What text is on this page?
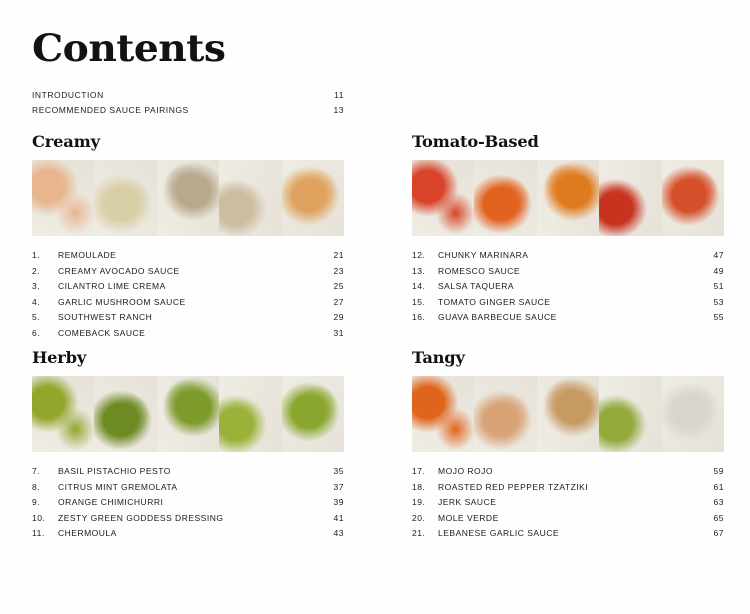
Contents
INTRODUCTION	11
RECOMMENDED SAUCE PAIRINGS	13
Creamy
1.	REMOULADE	21
2.	CREAMY AVOCADO SAUCE	23
3.	CILANTRO LIME CREMA	25
4.	GARLIC MUSHROOM SAUCE	27
5.	SOUTHWEST RANCH	29
6.	COMEBACK SAUCE	31
Tomato-Based
12.	CHUNKY MARINARA	47
13.	ROMESCO SAUCE	49
14.	SALSA TAQUERA	51
15.	TOMATO GINGER SAUCE	53
16.	GUAVA BARBECUE SAUCE	55
Herby
7.	BASIL PISTACHIO PESTO	35
8.	CITRUS MINT GREMOLATA	37
9.	ORANGE CHIMICHURRI	39
10.	ZESTY GREEN GODDESS DRESSING	41
11.	CHERMOULA	43
Tangy
17.	MOJO ROJO	59
18.	ROASTED RED PEPPER TZATZIKI	61
19.	JERK SAUCE	63
20.	MOLE VERDE	65
21.	LEBANESE GARLIC SAUCE	67
